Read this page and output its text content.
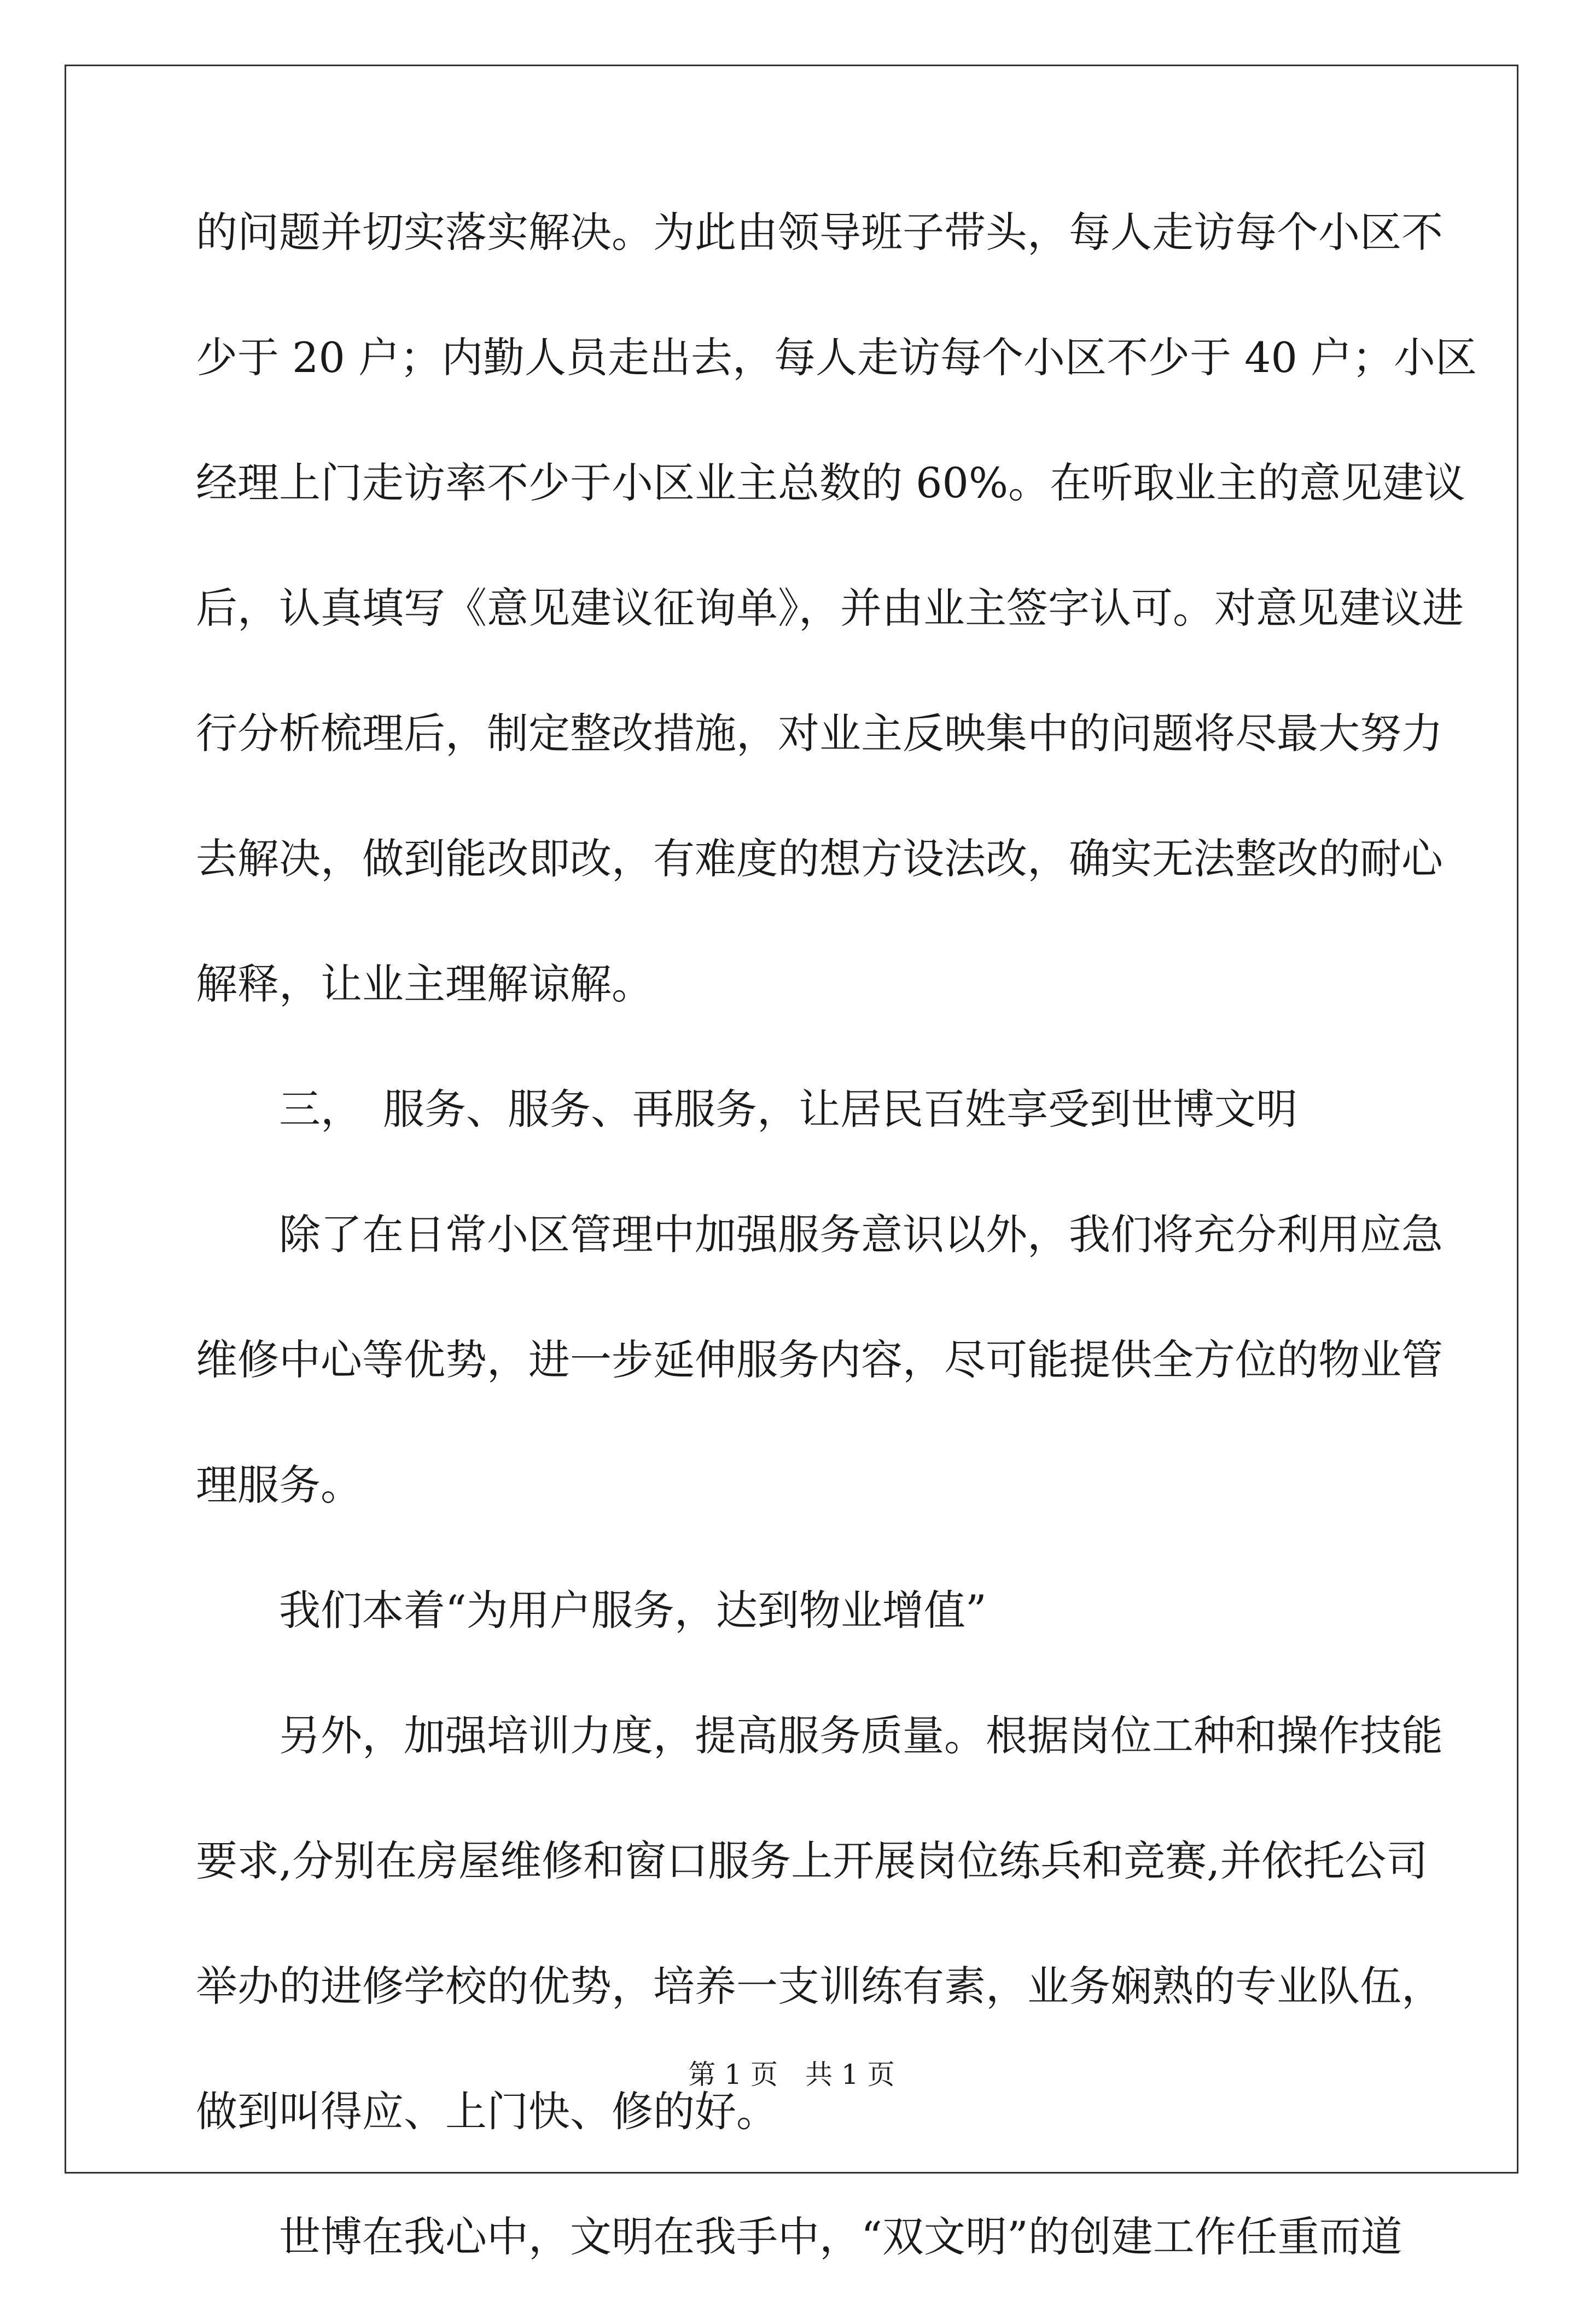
的问题并切实落实解决。为此由领导班子带头，每人走访每个小区不
少于 20 户；内勤人员走出去，每人走访每个小区不少于 40 户；小区
经理上门走访率不少于小区业主总数的 60%。在听取业主的意见建议
后，认真填写《意见建议征询单》，并由业主签字认可。对意见建议进
行分析梳理后，制定整改措施，对业主反映集中的问题将尽最大努力
去解决，做到能改即改，有难度的想方设法改，确实无法整改的耐心
解释，让业主理解谅解。
三，　服务、服务、再服务，让居民百姓享受到世博文明
除了在日常小区管理中加强服务意识以外，我们将充分利用应急
维修中心等优势，进一步延伸服务内容，尽可能提供全方位的物业管
理服务。
我们本着“为用户服务，达到物业增值”
另外，加强培训力度，提高服务质量。根据岗位工种和操作技能
要求,分别在房屋维修和窗口服务上开展岗位练兵和竞赛,并依托公司
举办的进修学校的优势，培养一支训练有素，业务娴熟的专业队伍，
做到叫得应、上门快、修的好。
世博在我心中，文明在我手中，“双文明”的创建工作任重而道
第 1 页　共 1 页
